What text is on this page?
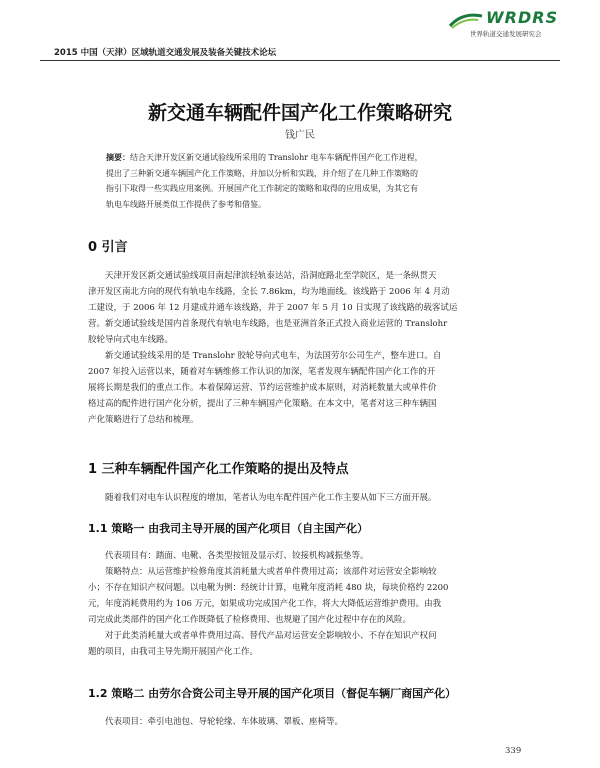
WRDRS
世界轨道交通发展研究会
2015 中国（天津）区域轨道交通发展及装备关键技术论坛
新交通车辆配件国产化工作策略研究
钱广民
摘要：结合天津开发区新交通试验线所采用的 Translohr 电车车辆配件国产化工作进程，
提出了三种新交通车辆国产化工作策略，并加以分析和实践，并介绍了在几种工作策略的
指引下取得一些实践应用案例。开展国产化工作制定的策略和取得的应用成果，为其它有
轨电车线路开展类似工作提供了参考和借鉴。
0 引言
天津开发区新交通试验线项目南起津滨轻轨泰达站，沿洞庭路北至学院区，是一条纵贯天
津开发区南北方向的现代有轨电车线路，全长 7.86km，均为地面线。该线路于 2006 年 4 月动
工建设，于 2006 年 12 月建成并通车该线路，并于 2007 年 5 月 10 日实现了该线路的载客试运
营。新交通试验线是国内首条现代有轨电车线路，也是亚洲首条正式投入商业运营的 Translohr
胶轮导向式电车线路。
新交通试验线采用的是 Translohr 胶轮导向式电车，为法国劳尔公司生产，整车进口。自
2007 年投入运营以来，随着对车辆维修工作认识的加深，笔者发现车辆配件国产化工作的开
展将长期是我们的重点工作。本着保障运营、节约运营维护成本原则，对消耗数量大或单件价
格过高的配件进行国产化分析，提出了三种车辆国产化策略。在本文中，笔者对这三种车辆国
产化策略进行了总结和梳理。
1 三种车辆配件国产化工作策略的提出及特点
随着我们对电车认识程度的增加，笔者认为电车配件国产化工作主要从如下三方面开展。
1.1 策略一 由我司主导开展的国产化项目（自主国产化）
代表项目有：踏面、电靴、各类型按钮及显示灯、铰接机构减振垫等。
策略特点：从运营维护检修角度其消耗量大或者单件费用过高；该部件对运营安全影响较
小；不存在知识产权问题。以电靴为例：经统计计算，电靴年度消耗 480 块，每块价格约 2200
元，年度消耗费用约为 106 万元，如果成功完成国产化工作，将大大降低运营维护费用。由我
司完成此类部件的国产化工作既降低了检修费用、也规避了国产化过程中存在的风险。
对于此类消耗量大或者单件费用过高、替代产品对运营安全影响较小、不存在知识产权问
题的项目，由我司主导先期开展国产化工作。
1.2 策略二 由劳尔合资公司主导开展的国产化项目（督促车辆厂商国产化）
代表项目：牵引电池包、导轮轮缘、车体玻璃、罩板、座椅等。
339
